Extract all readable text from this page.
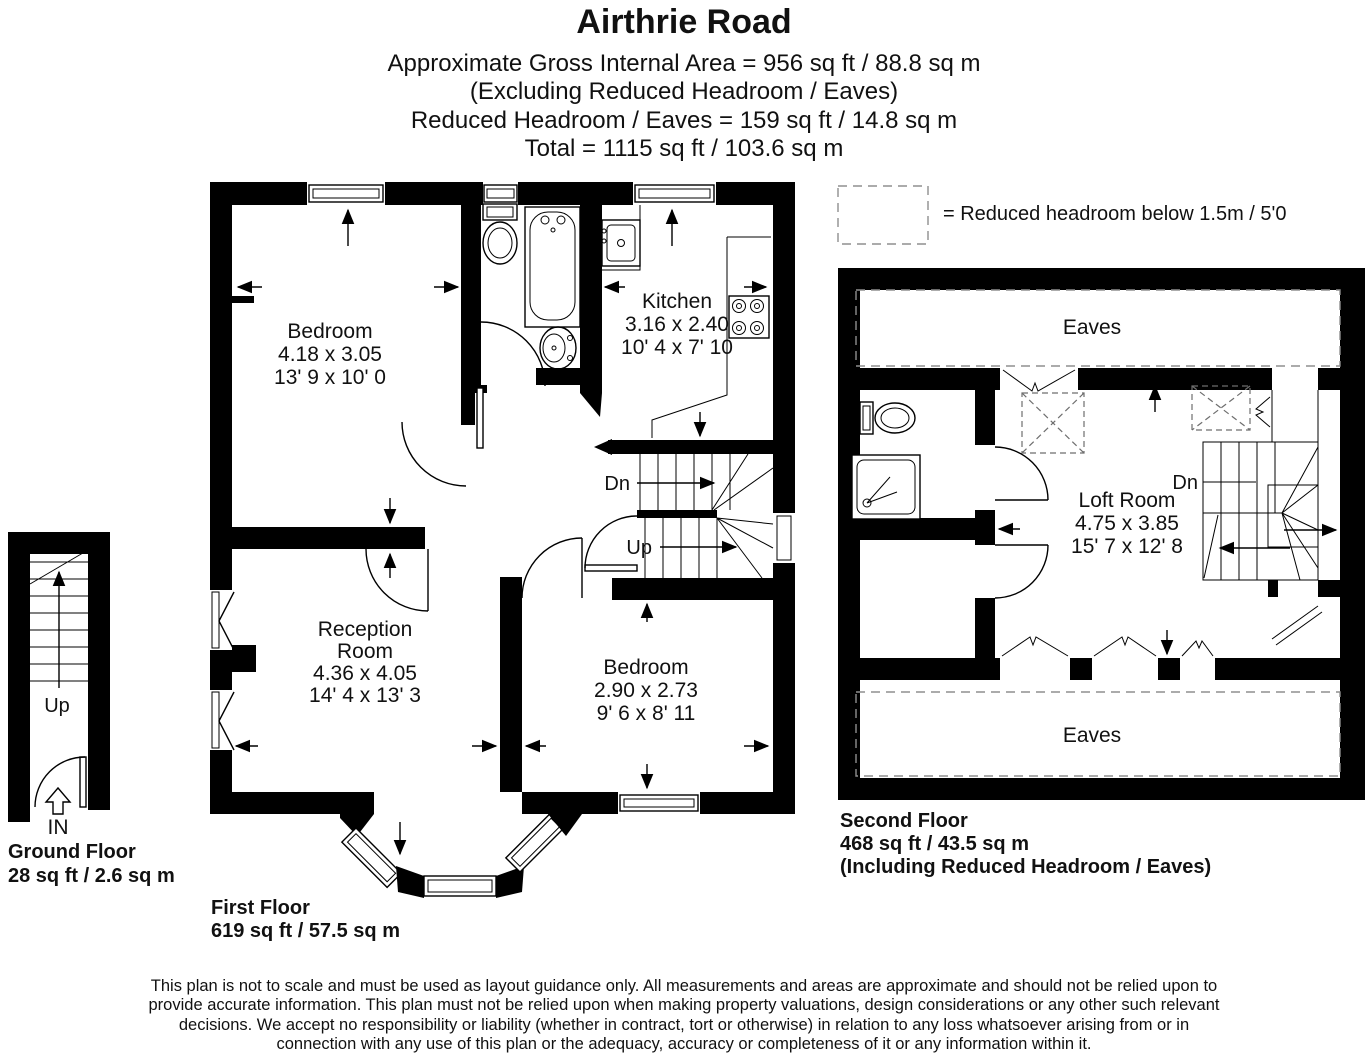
Airthrie Road
Approximate Gross Internal Area = 956 sq ft / 88.8 sq m
(Excluding Reduced Headroom / Eaves)
Reduced Headroom / Eaves = 159 sq ft / 14.8 sq m
Total = 1115 sq ft / 103.6 sq m
= Reduced headroom below 1.5m / 5'0
Up
IN
Ground Floor
28 sq ft / 2.6 sq m
Dn
Up
Bedroom
4.18 x 3.05
13' 9 x 10' 0
Kitchen
3.16 x 2.40
10' 4 x 7' 10
Reception
Room
4.36 x 4.05
14' 4 x 13' 3
Bedroom
2.90 x 2.73
9' 6 x 8' 11
First Floor
619 sq ft / 57.5 sq m
Eaves
Eaves
Dn
Loft Room
4.75 x 3.85
15' 7 x 12' 8
Second Floor
468 sq ft / 43.5 sq m
(Including Reduced Headroom / Eaves)
This plan is not to scale and must be used as layout guidance only. All measurements and areas are approximate and should not be relied upon to
provide accurate information. This plan must not be relied upon when making property valuations, design considerations or any other such relevant
decisions. We accept no responsibility or liability (whether in contract, tort or otherwise) in relation to any loss whatsoever arising from or in
connection with any use of this plan or the adequacy, accuracy or completeness of it or any information within it.
